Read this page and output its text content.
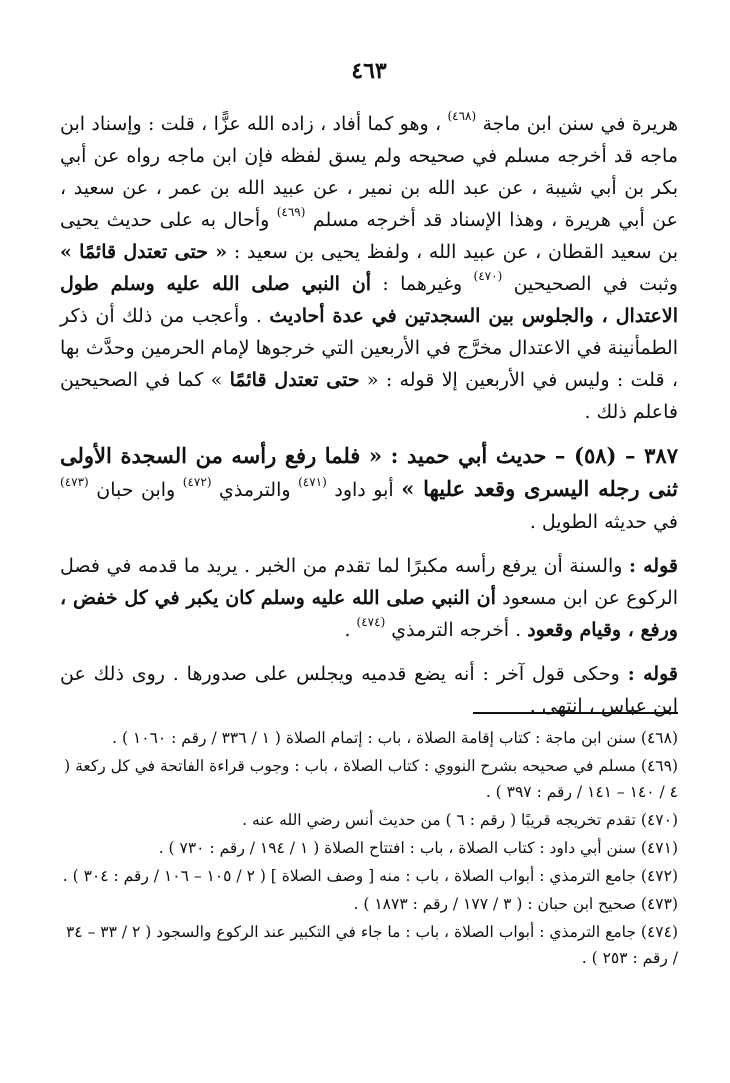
٤٦٣

هريرة في سنن ابن ماجة $^{(٤٦٨)}$ ، وهو كما أفاد ، زاده الله عزًّا ، قلت : وإسناد ابن ماجه قد أخرجه مسلم في صحيحه ولم يسق لفظه فإن ابن ماجه رواه عن أبي بكر بن أبي شيبة ، عن عبد الله بن نمير ، عن عبيد الله بن عمر ، عن سعيد ، عن أبي هريرة ، وهذا الإسناد قد أخرجه مسلم $^{(٤٦٩)}$ وأحال به على حديث يحيى بن سعيد القطان ، عن عبيد الله ، ولفظ يحيى بن سعيد : « حتى تعتدل قائمًا » وثبت في الصحيحين $^{(٤٧٠)}$ وغيرهما : أن النبي صلى الله عليه وسلم طول الاعتدال ، والجلوس بين السجدتين في عدة أحاديث . وأعجب من ذلك أن ذكر الطمأنينة في الاعتدال مخرَّج في الأربعين التي خرجوها لإمام الحرمين وحدَّث بها ، قلت : وليس في الأربعين إلا قوله : « حتى تعتدل قائمًا » كما في الصحيحين فاعلم ذلك .

٣٨٧ – (٥٨) – حديث أبي حميد : « فلما رفع رأسه من السجدة الأولى ثنى رجله اليسرى وقعد عليها » أبو داود $^{(٤٧١)}$ والترمذي $^{(٤٧٢)}$ وابن حبان $^{(٤٧٣)}$ في حديثه الطويل .

قوله : والسنة أن يرفع رأسه مكبرًا لما تقدم من الخبر . يريد ما قدمه في فصل الركوع عن ابن مسعود أن النبي صلى الله عليه وسلم كان يكبر في كل خفض ، ورفع ، وقيام وقعود . أخرجه الترمذي $^{(٤٧٤)}$ .

قوله : وحكى قول آخر : أنه يضع قدميه ويجلس على صدورها . روى ذلك عن ابن عباس ، انتهى .

(٤٦٨) سنن ابن ماجة : كتاب إقامة الصلاة ، باب : إتمام الصلاة ( ١ / ٣٣٦ / رقم : ١٠٦٠ ) .
(٤٦٩) مسلم في صحيحه بشرح النووي : كتاب الصلاة ، باب : وجوب قراءة الفاتحة في كل ركعة ( ٤ / ١٤٠ – ١٤١ / رقم : ٣٩٧ ) .
(٤٧٠) تقدم تخريجه قريبًا ( رقم : ٦ ) من حديث أنس رضي الله عنه .
(٤٧١) سنن أبي داود : كتاب الصلاة ، باب : افتتاح الصلاة ( ١ / ١٩٤ / رقم : ٧٣٠ ) .
(٤٧٢) جامع الترمذي : أبواب الصلاة ، باب : منه [ وصف الصلاة ] ( ٢ / ١٠٥ – ١٠٦ / رقم : ٣٠٤ ) .
(٤٧٣) صحيح ابن حبان : ( ٣ / ١٧٧ / رقم : ١٨٧٣ ) .
(٤٧٤) جامع الترمذي : أبواب الصلاة ، باب : ما جاء في التكبير عند الركوع والسجود ( ٢ / ٣٣ – ٣٤ / رقم : ٢٥٣ ) .
